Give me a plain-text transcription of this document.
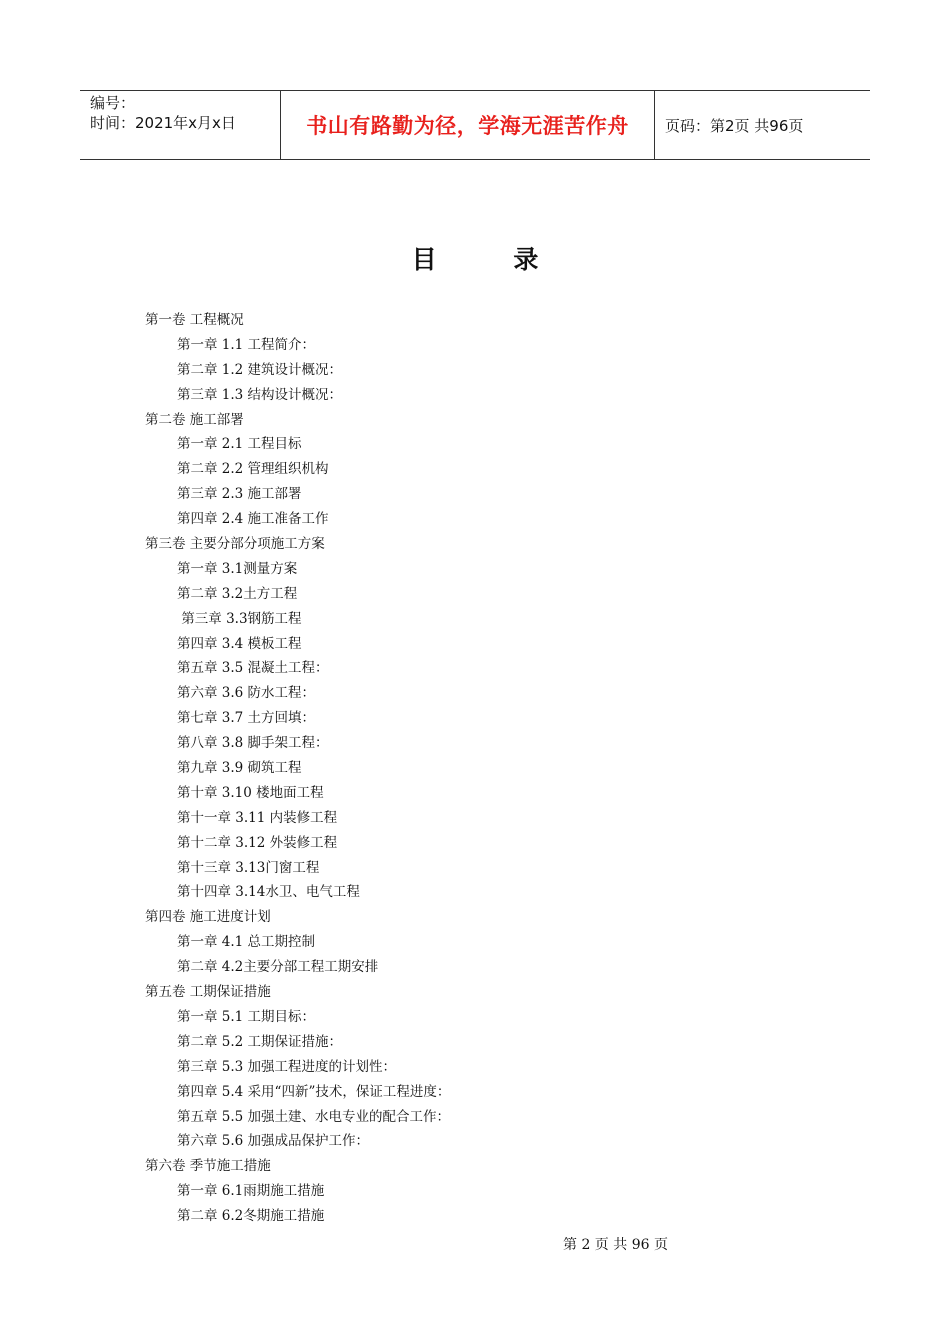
编号：
时间：2021年x月x日	书山有路勤为径，学海无涯苦作舟	页码：第2页 共96页
目 录
第一卷 工程概况
第一章 1.1 工程简介：
第二章 1.2 建筑设计概况：
第三章 1.3 结构设计概况：
第二卷 施工部署
第一章 2.1 工程目标
第二章 2.2 管理组织机构
第三章 2.3 施工部署
第四章 2.4 施工准备工作
第三卷 主要分部分项施工方案
第一章 3.1测量方案
第二章 3.2土方工程
第三章 3.3钢筋工程
第四章 3.4 模板工程
第五章 3.5 混凝土工程：
第六章 3.6 防水工程：
第七章 3.7 土方回填：
第八章 3.8 脚手架工程：
第九章 3.9 砌筑工程
第十章 3.10 楼地面工程
第十一章 3.11 内装修工程
第十二章 3.12 外装修工程
第十三章 3.13门窗工程
第十四章 3.14水卫、电气工程
第四卷 施工进度计划
第一章 4.1 总工期控制
第二章 4.2主要分部工程工期安排
第五卷 工期保证措施
第一章 5.1 工期目标：
第二章 5.2 工期保证措施：
第三章 5.3 加强工程进度的计划性：
第四章 5.4 采用“四新”技术，保证工程进度：
第五章 5.5 加强土建、水电专业的配合工作：
第六章 5.6 加强成品保护工作：
第六卷 季节施工措施
第一章 6.1雨期施工措施
第二章 6.2冬期施工措施
第 2 页 共 96 页
